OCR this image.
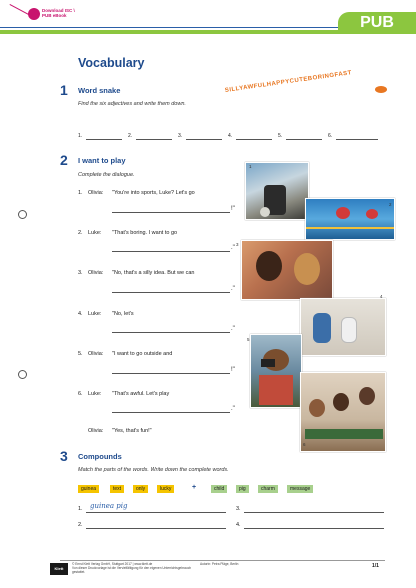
Download ISC \ PUB eBook	PUB
Vocabulary
1 Word snake
Find the six adjectives and write them down.
SILLYAWFULHAPPYCUTEBORINGFAST
1.	2.	3.	4.	5.	6.
2 I want to play
Complete the dialogue.
1. Olivia: "You're into sports, Luke? Let's go
!"
2. Luke: "That's boring. I want to go
."
3. Olivia: "No, that's a silly idea. But we can
."
4. Luke: "No, let's
."
5. Olivia: "I want to go outside and
!"
6. Luke: "That's awful. Let's play
."
Olivia: "Yes, that's fun!"
1
2
3
4
5
6
3 Compounds
Match the parts of the words. Write down the complete words.
guinea	text	only	lucky	+	child	pig	charm	message
1. guinea pig	3.
2.	4.
Klett
© Ernst Klett Verlag GmbH, Stuttgart 2017 | www.klett.de
Von dieser Druckvorlage ist die Vervielfältigung für den eigenen Unterrichtsgebrauch gestattet.
Autorin: Petra Pläge, Berlin	1/1
